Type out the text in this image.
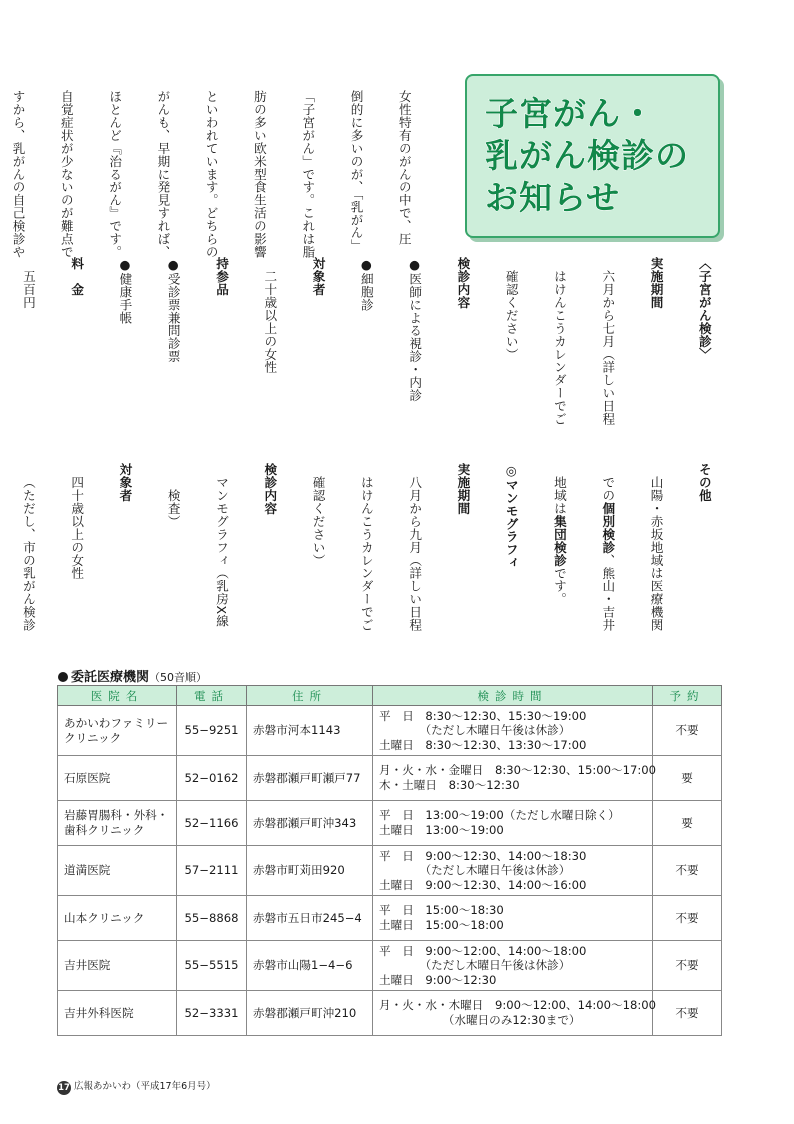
子宮がん・
乳がん検診の
お知らせ

女性特有のがんの中で、圧

倒的に多いのが、「乳がん」

「子宮がん」です。これは脂

肪の多い欧米型食生活の影響

といわれています。どちらの

がんも、早期に発見すれば、

ほとんど『治るがん』です。

自覚症状が少ないのが難点で

すから、乳がんの自己検診や

〈子宮がん検診〉

実施期間

六月から七月（詳しい日程

はけんこうカレンダーでご

確認ください）

検診内容

●医師による視診・内診

●細胞診

対象者

二十歳以上の女性

持参品

●受診票兼問診票

●健康手帳

料　金

五百円

その他

山陽・赤坂地域は医療機関

での個別検診、熊山・吉井

地域は集団検診です。

◎マンモグラフィ

実施期間

八月から九月（詳しい日程

はけんこうカレンダーでご

確認ください）

検診内容

マンモグラフィ（乳房X線

検査）

対象者

四十歳以上の女性

（ただし、市の乳がん検診

委託医療機関（50音順）
医院名	電話	住所	検診時間	予約

あかいわファミリー
クリニック	55−9251	赤磐市河本1143	平　日　8:30〜12:30、15:30〜19:00
　　　　（ただし木曜日午後は休診）
土曜日　8:30〜12:30、13:30〜17:00	不要

石原医院	52−0162	赤磐郡瀬戸町瀬戸77	月・火・水・金曜日　8:30〜12:30、15:00〜17:00
木・土曜日　8:30〜12:30	要

岩藤胃腸科・外科・
歯科クリニック	52−1166	赤磐郡瀬戸町沖343	平　日　13:00〜19:00（ただし水曜日除く）
土曜日　13:00〜19:00	要

道満医院	57−2111	赤磐市町苅田920	平　日　9:00〜12:30、14:00〜18:30
　　　　（ただし木曜日午後は休診）
土曜日　9:00〜12:30、14:00〜16:00	不要

山本クリニック	55−8868	赤磐市五日市245−4	平　日　15:00〜18:30
土曜日　15:00〜18:00	不要

吉井医院	55−5515	赤磐市山陽1−4−6	平　日　9:00〜12:00、14:00〜18:00
　　　　（ただし木曜日午後は休診）
土曜日　9:00〜12:30	不要

吉井外科医院	52−3331	赤磐郡瀬戸町沖210	月・火・水・木曜日　9:00〜12:00、14:00〜18:00
　　　　　　（水曜日のみ12:30まで）	不要
17 広報あかいわ（平成17年6月号）
